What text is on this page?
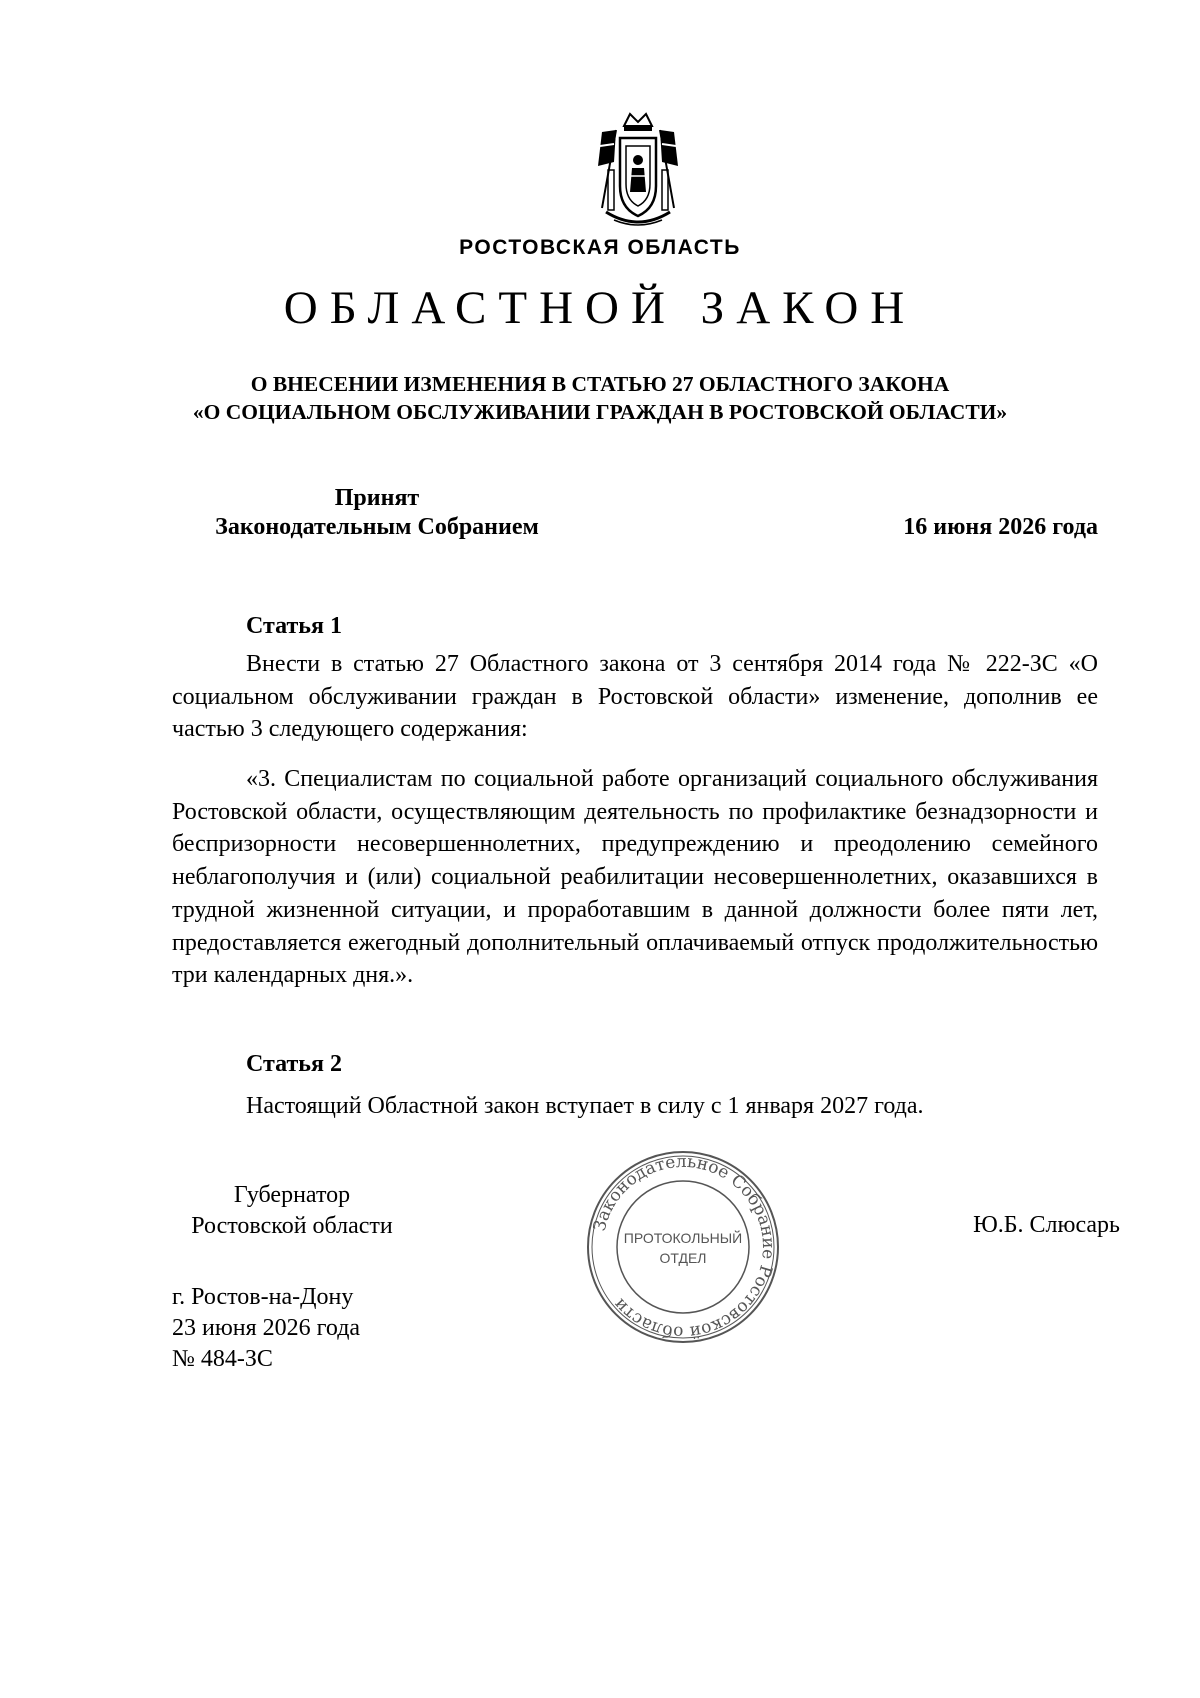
РОСТОВСКАЯ ОБЛАСТЬ
ОБЛАСТНОЙ ЗАКОН
О ВНЕСЕНИИ ИЗМЕНЕНИЯ В СТАТЬЮ 27 ОБЛАСТНОГО ЗАКОНА
«О СОЦИАЛЬНОМ ОБСЛУЖИВАНИИ ГРАЖДАН В РОСТОВСКОЙ ОБЛАСТИ»
Принят
Законодательным Собранием	16 июня 2026 года
Статья 1

Внести в статью 27 Областного закона от 3 сентября 2014 года № 222-ЗС «О социальном обслуживании граждан в Ростовской области» изменение, дополнив ее частью 3 следующего содержания:

«3. Специалистам по социальной работе организаций социального обслуживания Ростовской области, осуществляющим деятельность по профилактике безнадзорности и беспризорности несовершеннолетних, предупреждению и преодолению семейного неблагополучия и (или) социальной реабилитации несовершеннолетних, оказавшихся в трудной жизненной ситуации, и проработавшим в данной должности более пяти лет, предоставляется ежегодный дополнительный оплачиваемый отпуск продолжительностью три календарных дня.».

Статья 2

Настоящий Областной закон вступает в силу с 1 января 2027 года.

Губернатор
Ростовской области	Ю.Б. Слюсарь
г. Ростов-на-Дону
23 июня 2026 года
№ 484-ЗС
Законодательное Собрание Ростовской области
ПРОТОКОЛЬНЫЙ
ОТДЕЛ
